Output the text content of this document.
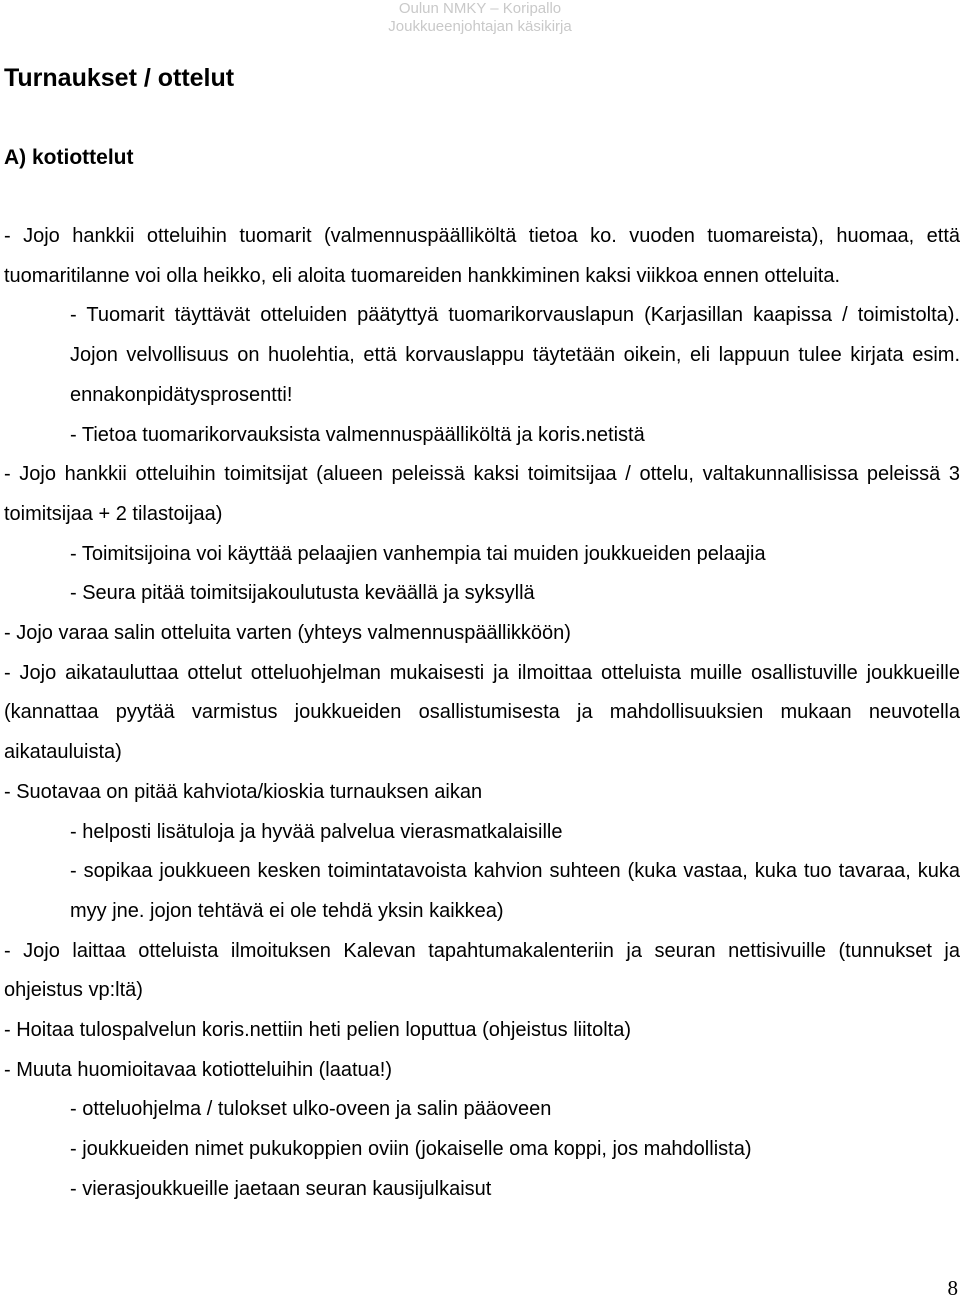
Oulun NMKY – Koripallo
Joukkueenjohtajan käsikirja
Turnaukset / ottelut
A) kotiottelut

- Jojo hankkii otteluihin tuomarit (valmennuspäälliköltä tietoa ko. vuoden tuomareista), huomaa, että tuomaritilanne voi olla heikko, eli aloita tuomareiden hankkiminen kaksi viikkoa ennen otteluita.

- Tuomarit täyttävät otteluiden päätyttyä tuomarikorvauslapun (Karjasillan kaapissa / toimistolta). Jojon velvollisuus on huolehtia, että korvauslappu täytetään oikein, eli lappuun tulee kirjata esim. ennakonpidätysprosentti!

- Tietoa tuomarikorvauksista valmennuspäälliköltä ja koris.netistä

- Jojo hankkii otteluihin toimitsijat (alueen peleissä kaksi toimitsijaa / ottelu, valtakunnallisissa peleissä 3 toimitsijaa + 2 tilastoijaa)

- Toimitsijoina voi käyttää pelaajien vanhempia tai muiden joukkueiden pelaajia

- Seura pitää toimitsijakoulutusta keväällä ja syksyllä

- Jojo varaa salin otteluita varten (yhteys valmennuspäällikköön)

- Jojo aikatauluttaa ottelut otteluohjelman mukaisesti ja ilmoittaa otteluista muille osallistuville joukkueille (kannattaa pyytää varmistus joukkueiden osallistumisesta ja mahdollisuuksien mukaan neuvotella aikatauluista)

- Suotavaa on pitää kahviota/kioskia turnauksen aikan

- helposti lisätuloja ja hyvää palvelua vierasmatkalaisille

- sopikaa joukkueen kesken toimintatavoista kahvion suhteen (kuka vastaa, kuka tuo tavaraa, kuka myy jne. jojon tehtävä ei ole tehdä yksin kaikkea)

- Jojo laittaa otteluista ilmoituksen Kalevan tapahtumakalenteriin ja seuran nettisivuille (tunnukset ja ohjeistus vp:ltä)

- Hoitaa tulospalvelun koris.nettiin heti pelien loputtua (ohjeistus liitolta)

- Muuta huomioitavaa kotiotteluihin (laatua!)

- otteluohjelma / tulokset ulko-oveen ja salin pääoveen

- joukkueiden nimet pukukoppien oviin (jokaiselle oma koppi, jos mahdollista)

- vierasjoukkueille jaetaan seuran kausijulkaisut

8
